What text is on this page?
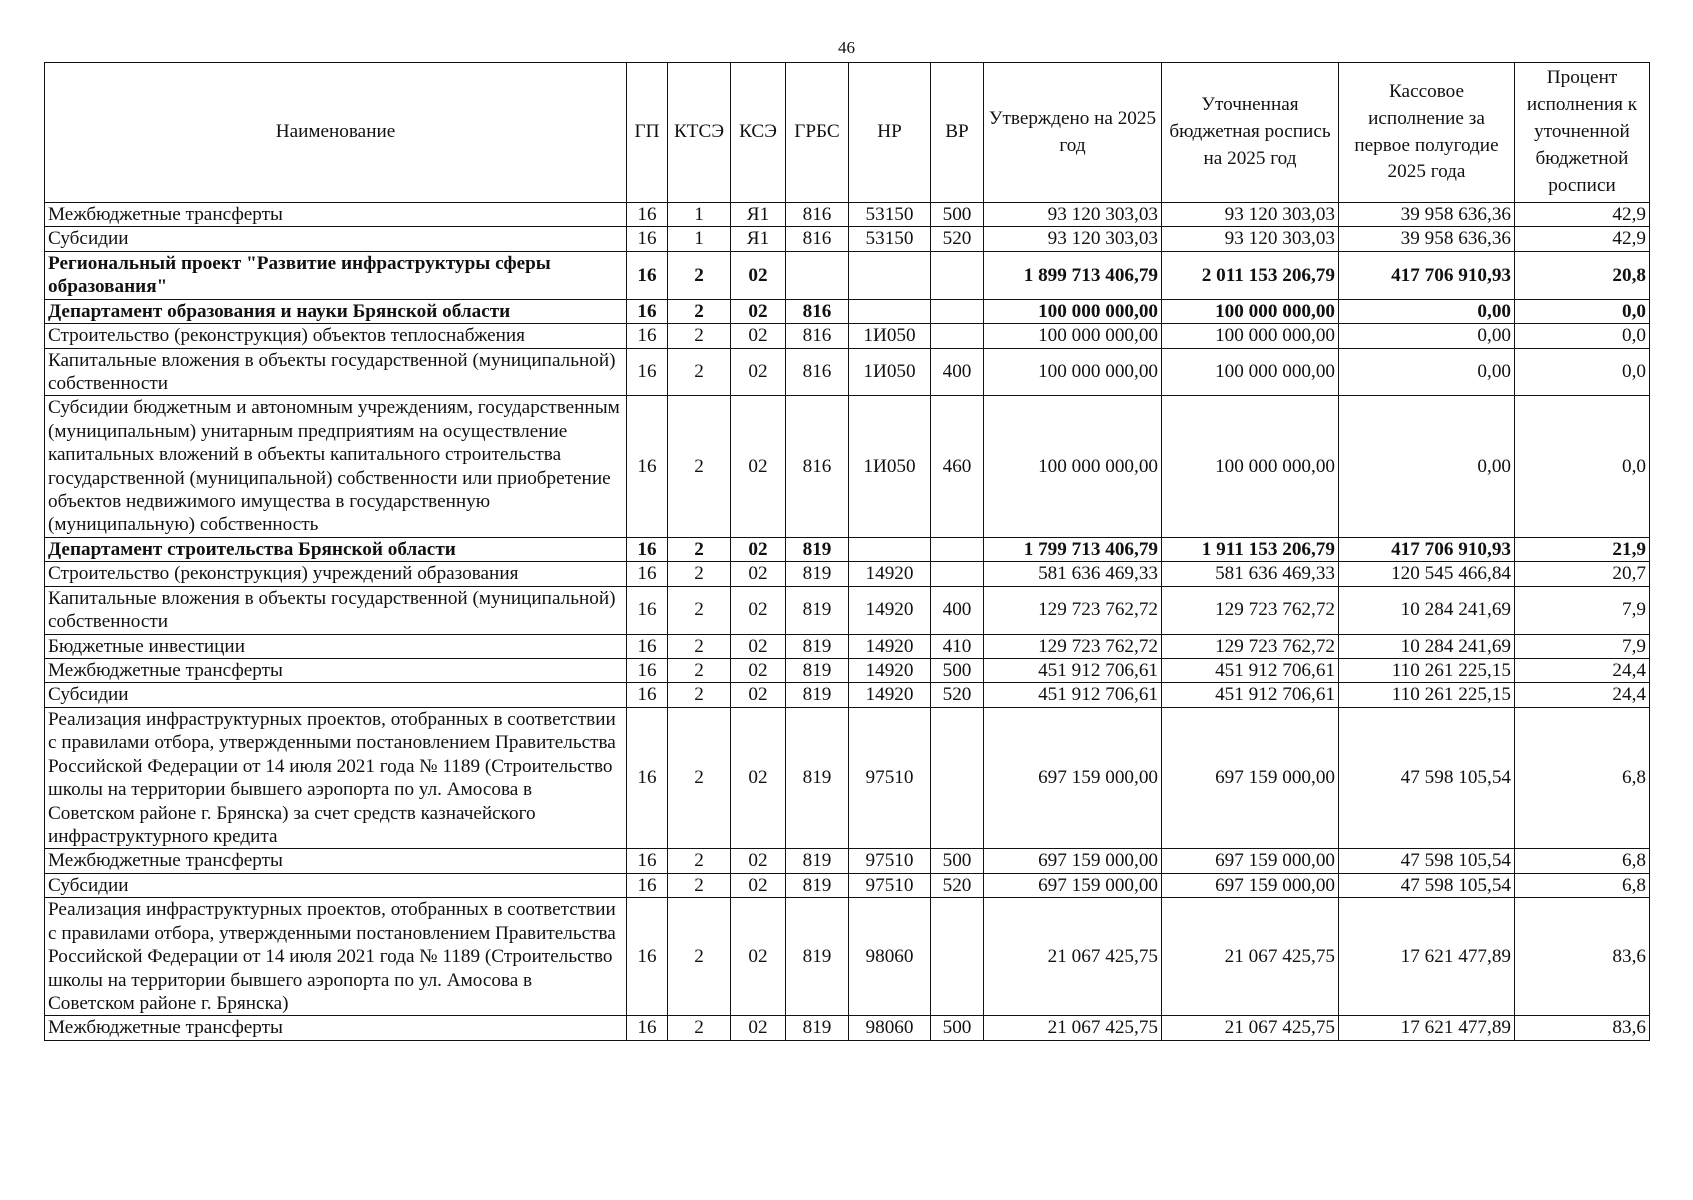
46
Наименование	ГП	КТСЭ	КСЭ	ГРБС	НР	ВР	Утверждено на 2025 год	Уточненная бюджетная роспись на 2025 год	Кассовое исполнение за первое полугодие 2025 года	Процент исполнения к уточненной бюджетной росписи
Межбюджетные трансферты	16	1	Я1	816	53150	500	93 120 303,03	93 120 303,03	39 958 636,36	42,9
Субсидии	16	1	Я1	816	53150	520	93 120 303,03	93 120 303,03	39 958 636,36	42,9
Региональный проект "Развитие инфраструктуры сферы образования"	16	2	02				1 899 713 406,79	2 011 153 206,79	417 706 910,93	20,8
Департамент образования и науки Брянской области	16	2	02	816			100 000 000,00	100 000 000,00	0,00	0,0
Строительство (реконструкция) объектов теплоснабжения	16	2	02	816	1И050		100 000 000,00	100 000 000,00	0,00	0,0
Капитальные вложения в объекты государственной (муниципальной) собственности	16	2	02	816	1И050	400	100 000 000,00	100 000 000,00	0,00	0,0
Субсидии бюджетным и автономным учреждениям, государственным (муниципальным) унитарным предприятиям на осуществление капитальных вложений в объекты капитального строительства государственной (муниципальной) собственности или приобретение объектов недвижимого имущества в государственную (муниципальную) собственность	16	2	02	816	1И050	460	100 000 000,00	100 000 000,00	0,00	0,0
Департамент строительства Брянской области	16	2	02	819			1 799 713 406,79	1 911 153 206,79	417 706 910,93	21,9
Строительство (реконструкция) учреждений образования	16	2	02	819	14920		581 636 469,33	581 636 469,33	120 545 466,84	20,7
Капитальные вложения в объекты государственной (муниципальной) собственности	16	2	02	819	14920	400	129 723 762,72	129 723 762,72	10 284 241,69	7,9
Бюджетные инвестиции	16	2	02	819	14920	410	129 723 762,72	129 723 762,72	10 284 241,69	7,9
Межбюджетные трансферты	16	2	02	819	14920	500	451 912 706,61	451 912 706,61	110 261 225,15	24,4
Субсидии	16	2	02	819	14920	520	451 912 706,61	451 912 706,61	110 261 225,15	24,4
Реализация инфраструктурных проектов, отобранных в соответствии с правилами отбора, утвержденными постановлением Правительства Российской Федерации от 14 июля 2021 года № 1189 (Строительство школы на территории бывшего аэропорта по ул. Амосова в Советском районе г. Брянска) за счет средств казначейского инфраструктурного кредита	16	2	02	819	97510		697 159 000,00	697 159 000,00	47 598 105,54	6,8
Межбюджетные трансферты	16	2	02	819	97510	500	697 159 000,00	697 159 000,00	47 598 105,54	6,8
Субсидии	16	2	02	819	97510	520	697 159 000,00	697 159 000,00	47 598 105,54	6,8
Реализация инфраструктурных проектов, отобранных в соответствии с правилами отбора, утвержденными постановлением Правительства Российской Федерации от 14 июля 2021 года № 1189 (Строительство школы на территории бывшего аэропорта по ул. Амосова в Советском районе г. Брянска)	16	2	02	819	98060		21 067 425,75	21 067 425,75	17 621 477,89	83,6
Межбюджетные трансферты	16	2	02	819	98060	500	21 067 425,75	21 067 425,75	17 621 477,89	83,6
